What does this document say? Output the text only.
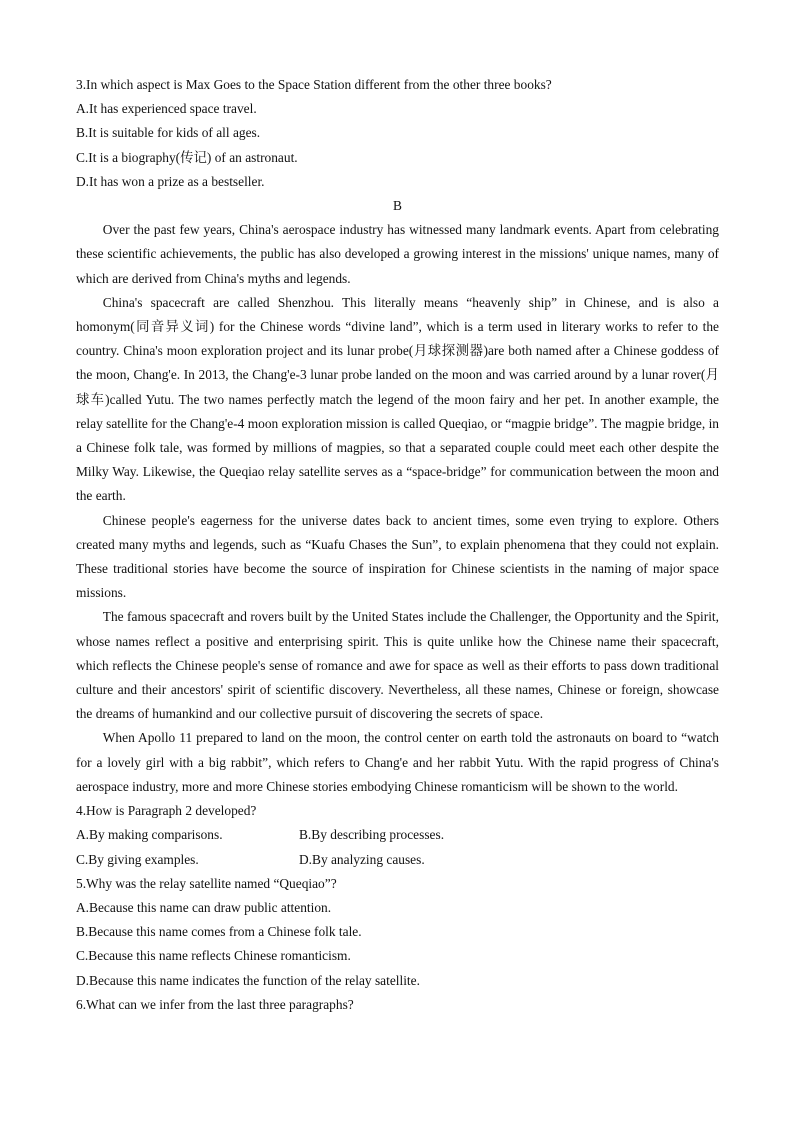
3.In which aspect is Max Goes to the Space Station different from the other three books?

A.It has experienced space travel.

B.It is suitable for kids of all ages.

C.It is a biography(传记) of an astronaut.

D.It has won a prize as a bestseller.

B

Over the past few years, China's aerospace industry has witnessed many landmark events. Apart from celebrating these scientific achievements, the public has also developed a growing interest in the missions' unique names, many of which are derived from China's myths and legends.

China's spacecraft are called Shenzhou. This literally means “heavenly ship” in Chinese, and is also a homonym(同音异义词) for the Chinese words “divine land”, which is a term used in literary works to refer to the country. China's moon exploration project and its lunar probe(月球探测器)are both named after a Chinese goddess of the moon, Chang'e. In 2013, the Chang'e-3 lunar probe landed on the moon and was carried around by a lunar rover(月球车)called Yutu. The two names perfectly match the legend of the moon fairy and her pet. In another example, the relay satellite for the Chang'e-4 moon exploration mission is called Queqiao, or “magpie bridge”. The magpie bridge, in a Chinese folk tale, was formed by millions of magpies, so that a separated couple could meet each other despite the Milky Way. Likewise, the Queqiao relay satellite serves as a “space-bridge” for communication between the moon and the earth.

Chinese people's eagerness for the universe dates back to ancient times, some even trying to explore. Others created many myths and legends, such as “Kuafu Chases the Sun”, to explain phenomena that they could not explain. These traditional stories have become the source of inspiration for Chinese scientists in the naming of major space missions.

The famous spacecraft and rovers built by the United States include the Challenger, the Opportunity and the Spirit, whose names reflect a positive and enterprising spirit. This is quite unlike how the Chinese name their spacecraft, which reflects the Chinese people's sense of romance and awe for space as well as their efforts to pass down traditional culture and their ancestors' spirit of scientific discovery. Nevertheless, all these names, Chinese or foreign, showcase the dreams of humankind and our collective pursuit of discovering the secrets of space.

When Apollo 11 prepared to land on the moon, the control center on earth told the astronauts on board to “watch for a lovely girl with a big rabbit”, which refers to Chang'e and her rabbit Yutu. With the rapid progress of China's aerospace industry, more and more Chinese stories embodying Chinese romanticism will be shown to the world.

4.How is Paragraph 2 developed?

A.By making comparisons.	B.By describing processes.
C.By giving examples.	D.By analyzing causes.

5.Why was the relay satellite named “Queqiao”?

A.Because this name can draw public attention.

B.Because this name comes from a Chinese folk tale.

C.Because this name reflects Chinese romanticism.

D.Because this name indicates the function of the relay satellite.

6.What can we infer from the last three paragraphs?
